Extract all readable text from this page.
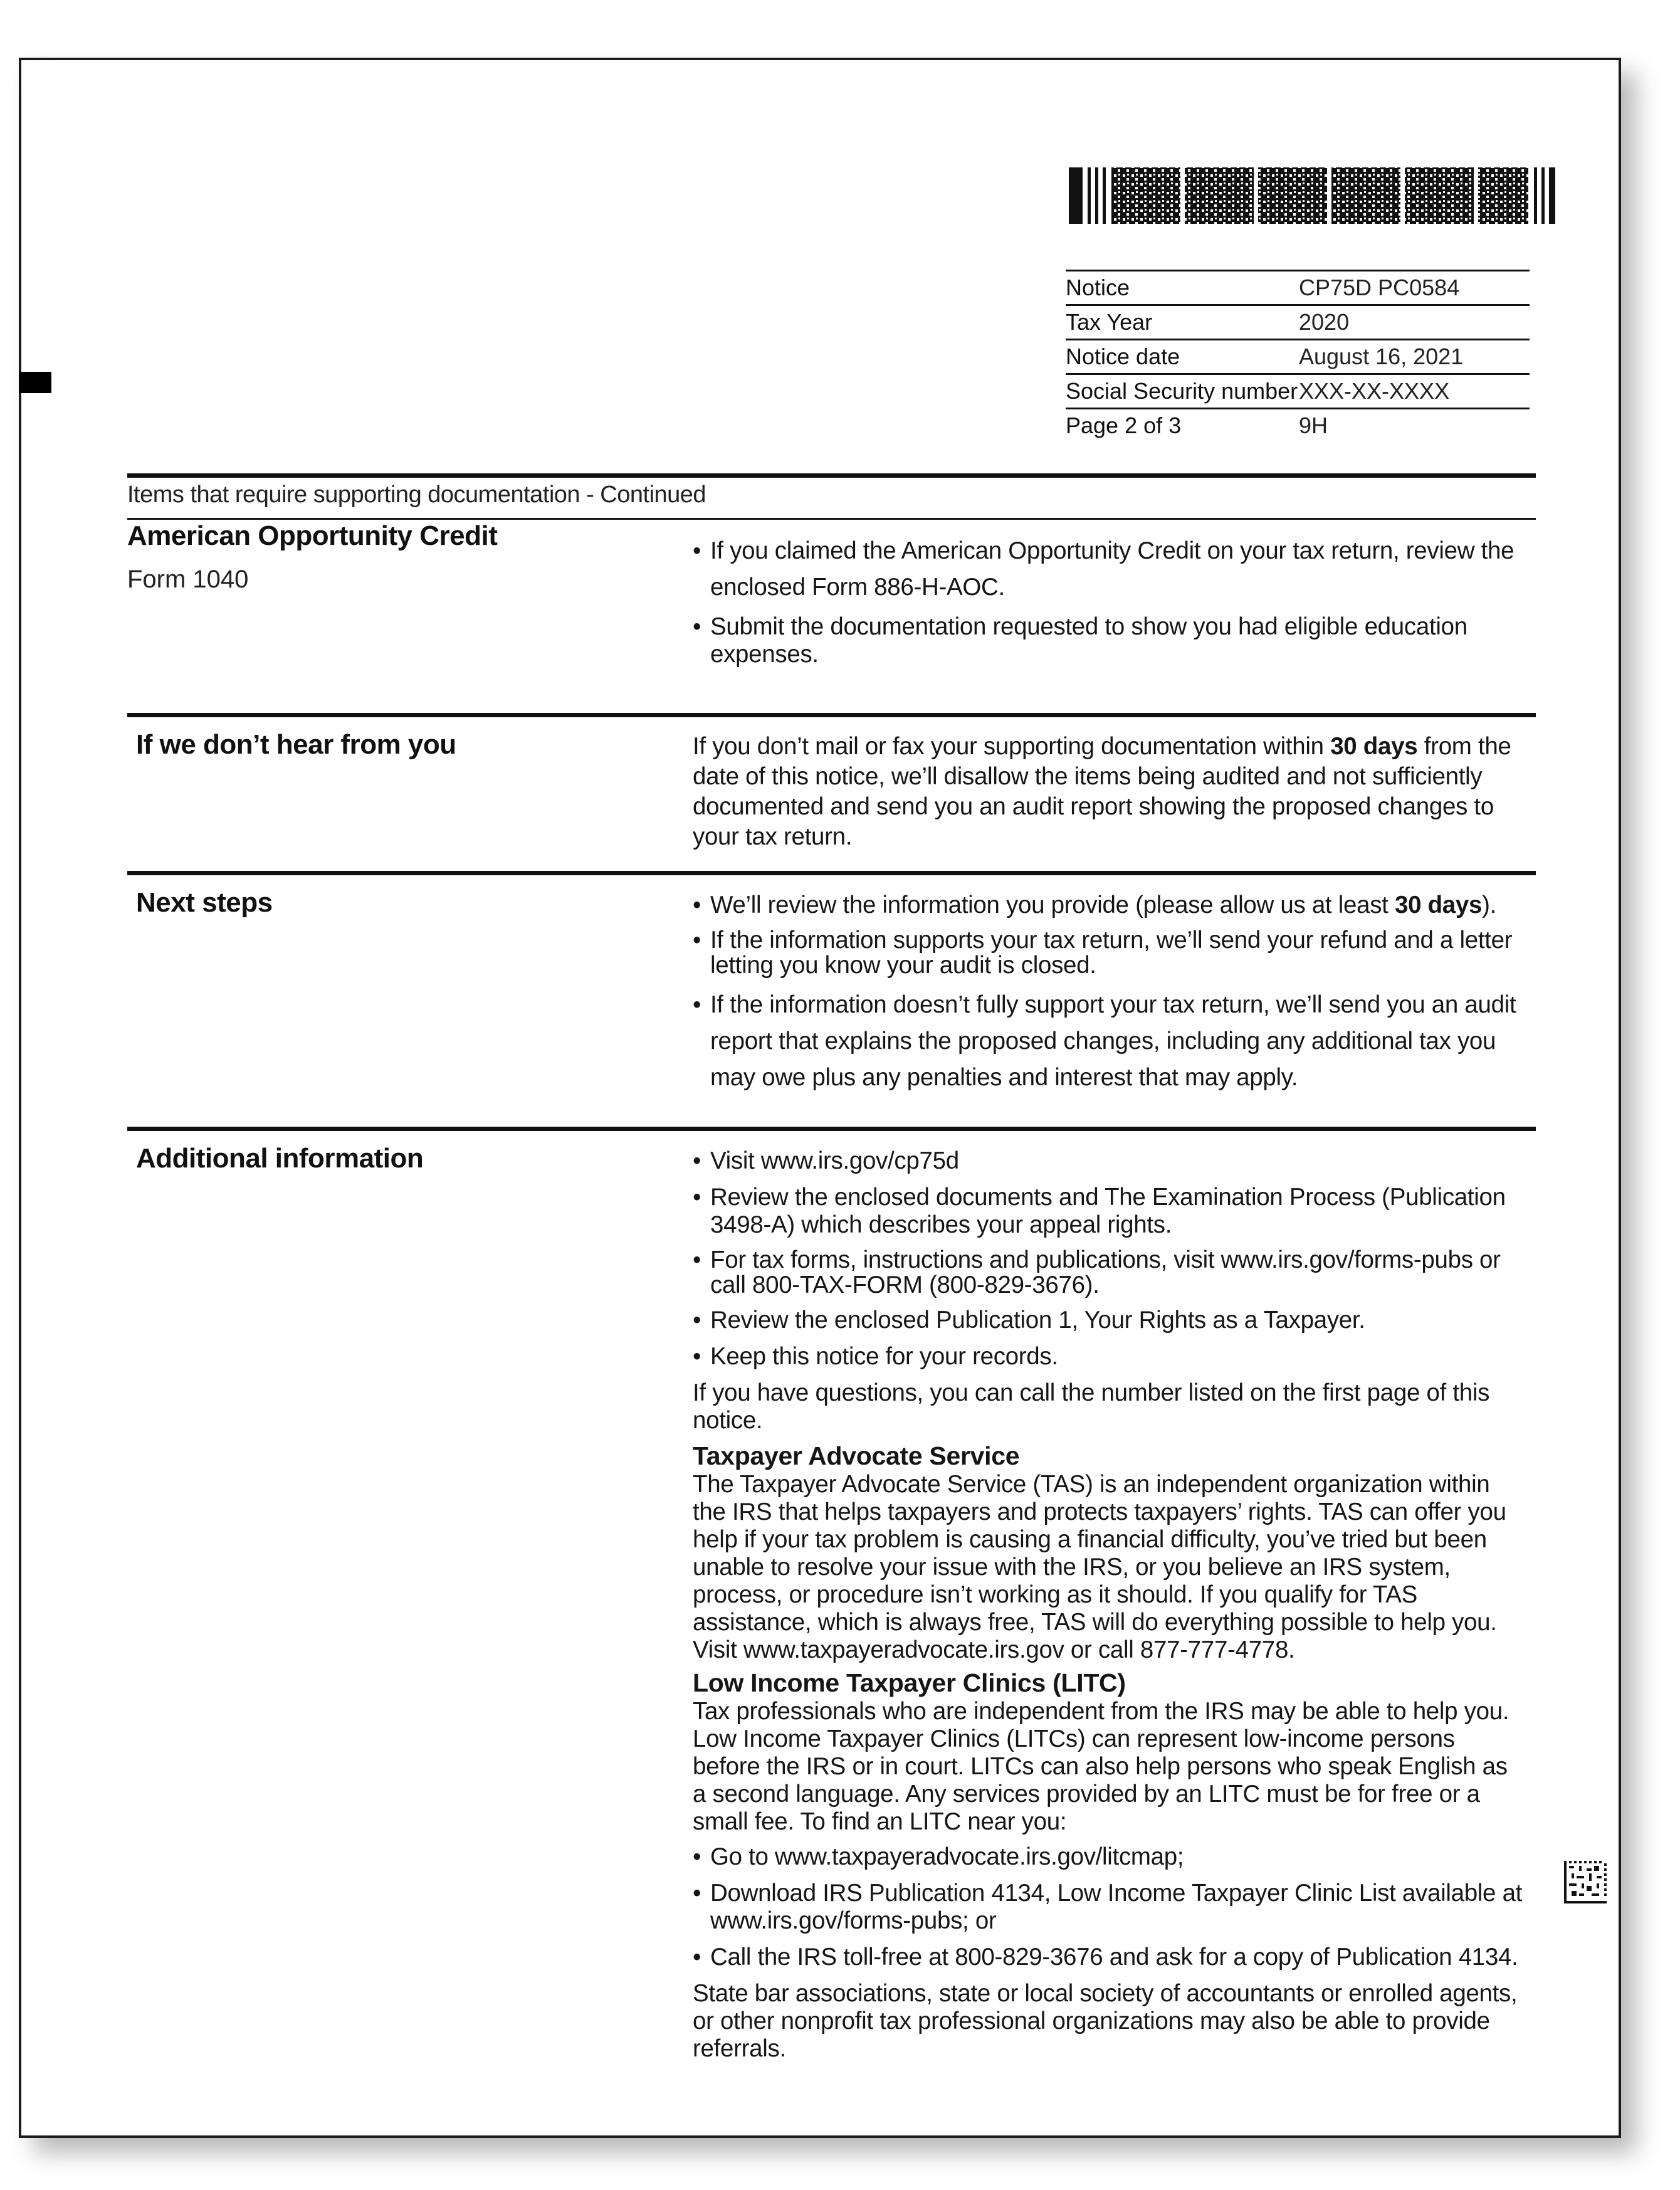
Notice	CP75D PC0584
Tax Year	2020
Notice date	August 16, 2021
Social Security number XXX-XX-XXXX
Page 2 of 3	9H
Items that require supporting documentation - Continued
American Opportunity Credit
Form 1040

• If you claimed the American Opportunity Credit on your tax return, review the enclosed Form 886-H-AOC.

• Submit the documentation requested to show you had eligible education expenses.

If we don’t hear from you	If you don’t mail or fax your supporting documentation within 30 days from the date of this notice, we’ll disallow the items being audited and not sufficiently documented and send you an audit report showing the proposed changes to your tax return.

Next steps	• We’ll review the information you provide (please allow us at least 30 days).

• If the information supports your tax return, we’ll send your refund and a letter letting you know your audit is closed.

• If the information doesn’t fully support your tax return, we’ll send you an audit report that explains the proposed changes, including any additional tax you may owe plus any penalties and interest that may apply.

Additional information	• Visit www.irs.gov/cp75d

• Review the enclosed documents and The Examination Process (Publication 3498-A) which describes your appeal rights.

• For tax forms, instructions and publications, visit www.irs.gov/forms-pubs or call 800-TAX-FORM (800-829-3676).

• Review the enclosed Publication 1, Your Rights as a Taxpayer.

• Keep this notice for your records.

If you have questions, you can call the number listed on the first page of this notice.

Taxpayer Advocate Service

The Taxpayer Advocate Service (TAS) is an independent organization within the IRS that helps taxpayers and protects taxpayers’ rights. TAS can offer you help if your tax problem is causing a financial difficulty, you’ve tried but been unable to resolve your issue with the IRS, or you believe an IRS system, process, or procedure isn’t working as it should. If you qualify for TAS assistance, which is always free, TAS will do everything possible to help you. Visit www.taxpayeradvocate.irs.gov or call 877-777-4778.

Low Income Taxpayer Clinics (LITC)

Tax professionals who are independent from the IRS may be able to help you. Low Income Taxpayer Clinics (LITCs) can represent low-income persons before the IRS or in court. LITCs can also help persons who speak English as a second language. Any services provided by an LITC must be for free or a small fee. To find an LITC near you:

• Go to www.taxpayeradvocate.irs.gov/litcmap;

• Download IRS Publication 4134, Low Income Taxpayer Clinic List available at www.irs.gov/forms-pubs; or

• Call the IRS toll-free at 800-829-3676 and ask for a copy of Publication 4134.

State bar associations, state or local society of accountants or enrolled agents, or other nonprofit tax professional organizations may also be able to provide referrals.
